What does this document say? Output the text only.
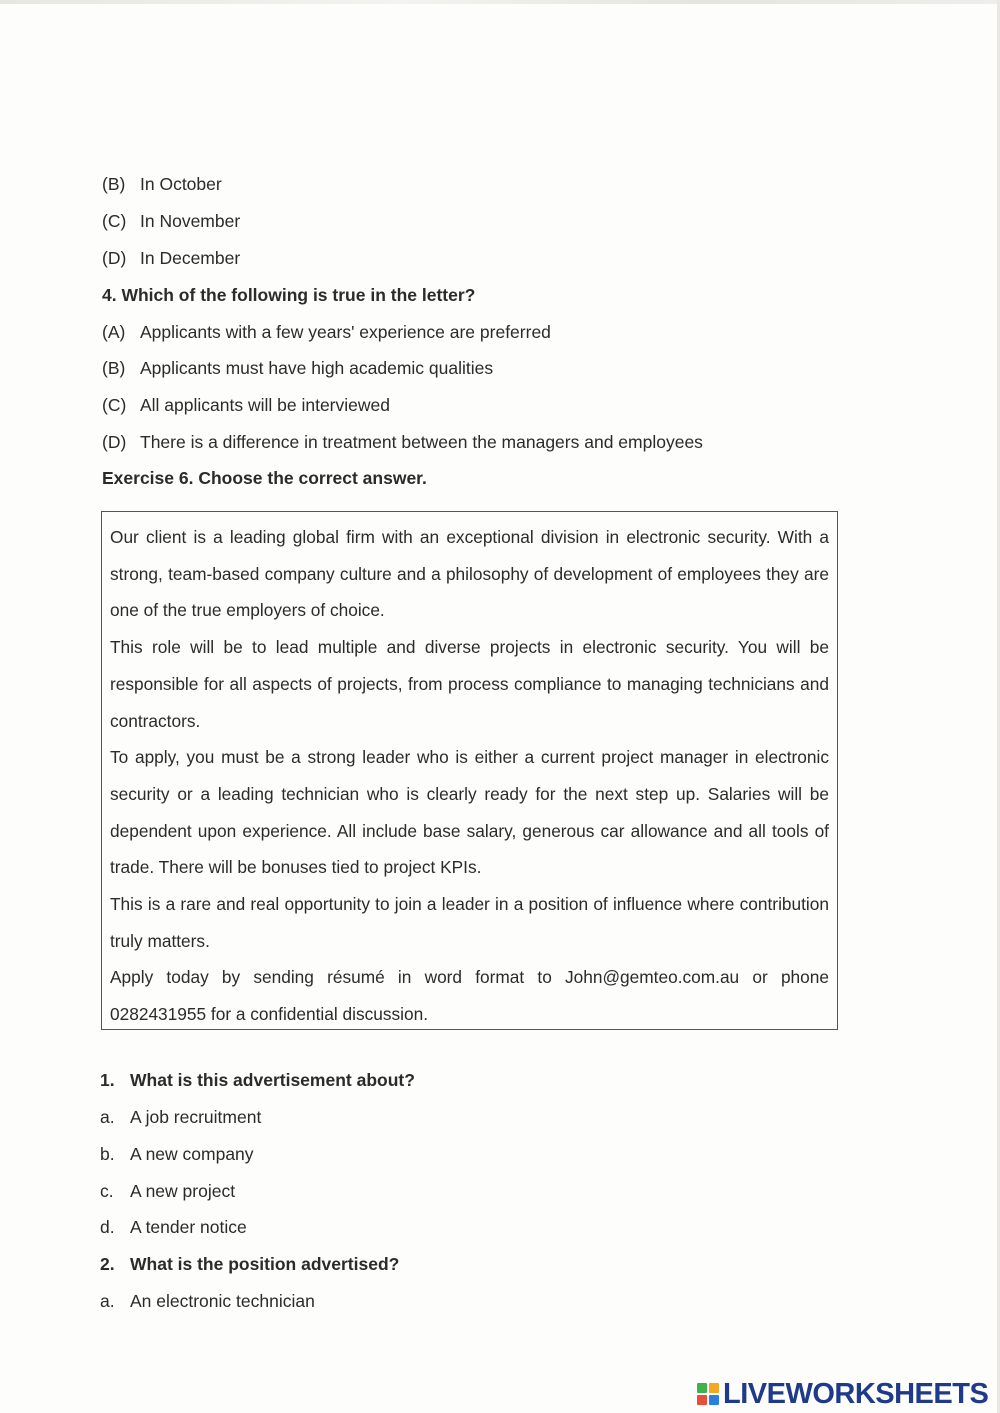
(B) In October
(C) In November
(D) In December
4. Which of the following is true in the letter?
(A) Applicants with a few years' experience are preferred
(B) Applicants must have high academic qualities
(C) All applicants will be interviewed
(D) There is a difference in treatment between the managers and employees
Exercise 6. Choose the correct answer.

Our client is a leading global firm with an exceptional division in electronic security. With a strong, team-based company culture and a philosophy of development of employees they are one of the true employers of choice.

This role will be to lead multiple and diverse projects in electronic security. You will be responsible for all aspects of projects, from process compliance to managing technicians and contractors.

To apply, you must be a strong leader who is either a current project manager in electronic security or a leading technician who is clearly ready for the next step up. Salaries will be dependent upon experience. All include base salary, generous car allowance and all tools of trade. There will be bonuses tied to project KPIs.

This is a rare and real opportunity to join a leader in a position of influence where contribution truly matters.

Apply today by sending résumé in word format to John@gemteo.com.au or phone 0282431955 for a confidential discussion.

1. What is this advertisement about?
a. A job recruitment
b. A new company
c. A new project
d. A tender notice
2. What is the position advertised?
a. An electronic technician
LIVEWORKSHEETS
